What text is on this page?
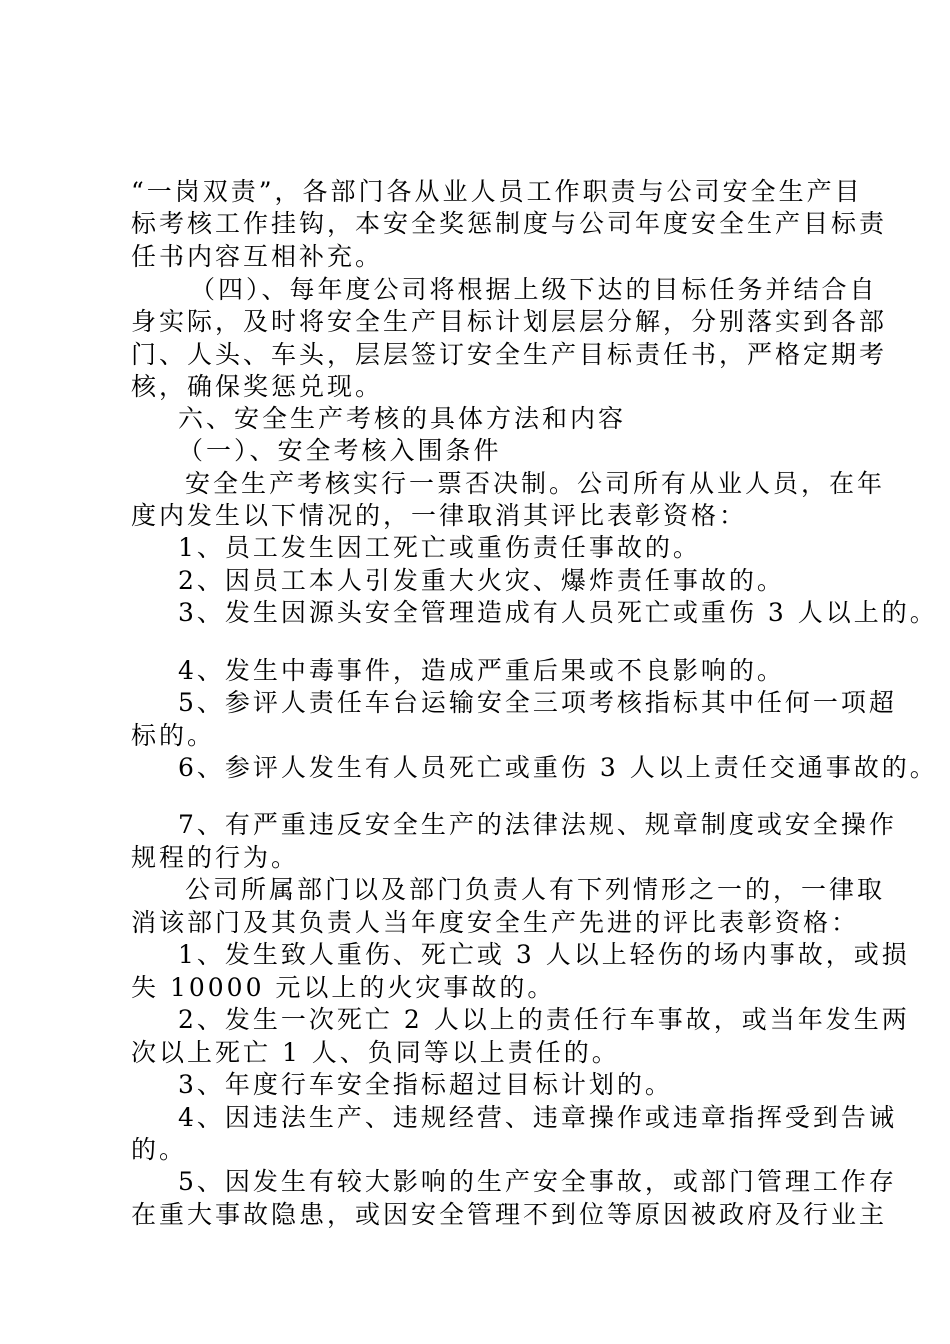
“一岗双责”，各部门各从业人员工作职责与公司安全生产目
标考核工作挂钩，本安全奖惩制度与公司年度安全生产目标责
任书内容互相补充。
（四）、每年度公司将根据上级下达的目标任务并结合自
身实际，及时将安全生产目标计划层层分解，分别落实到各部
门、人头、车头，层层签订安全生产目标责任书，严格定期考
核，确保奖惩兑现。
六、安全生产考核的具体方法和内容
（一）、安全考核入围条件
安全生产考核实行一票否决制。公司所有从业人员，在年
度内发生以下情况的，一律取消其评比表彰资格：
1、员工发生因工死亡或重伤责任事故的。
2、因员工本人引发重大火灾、爆炸责任事故的。
3、发生因源头安全管理造成有人员死亡或重伤 3 人以上的。
4、发生中毒事件，造成严重后果或不良影响的。
5、参评人责任车台运输安全三项考核指标其中任何一项超
标的。
6、参评人发生有人员死亡或重伤 3 人以上责任交通事故的。
7、有严重违反安全生产的法律法规、规章制度或安全操作
规程的行为。
公司所属部门以及部门负责人有下列情形之一的，一律取
消该部门及其负责人当年度安全生产先进的评比表彰资格：
1、发生致人重伤、死亡或 3 人以上轻伤的场内事故，或损
失 10000 元以上的火灾事故的。
2、发生一次死亡 2 人以上的责任行车事故，或当年发生两
次以上死亡 1 人、负同等以上责任的。
3、年度行车安全指标超过目标计划的。
4、因违法生产、违规经营、违章操作或违章指挥受到告诫
的。
5、因发生有较大影响的生产安全事故，或部门管理工作存
在重大事故隐患，或因安全管理不到位等原因被政府及行业主
